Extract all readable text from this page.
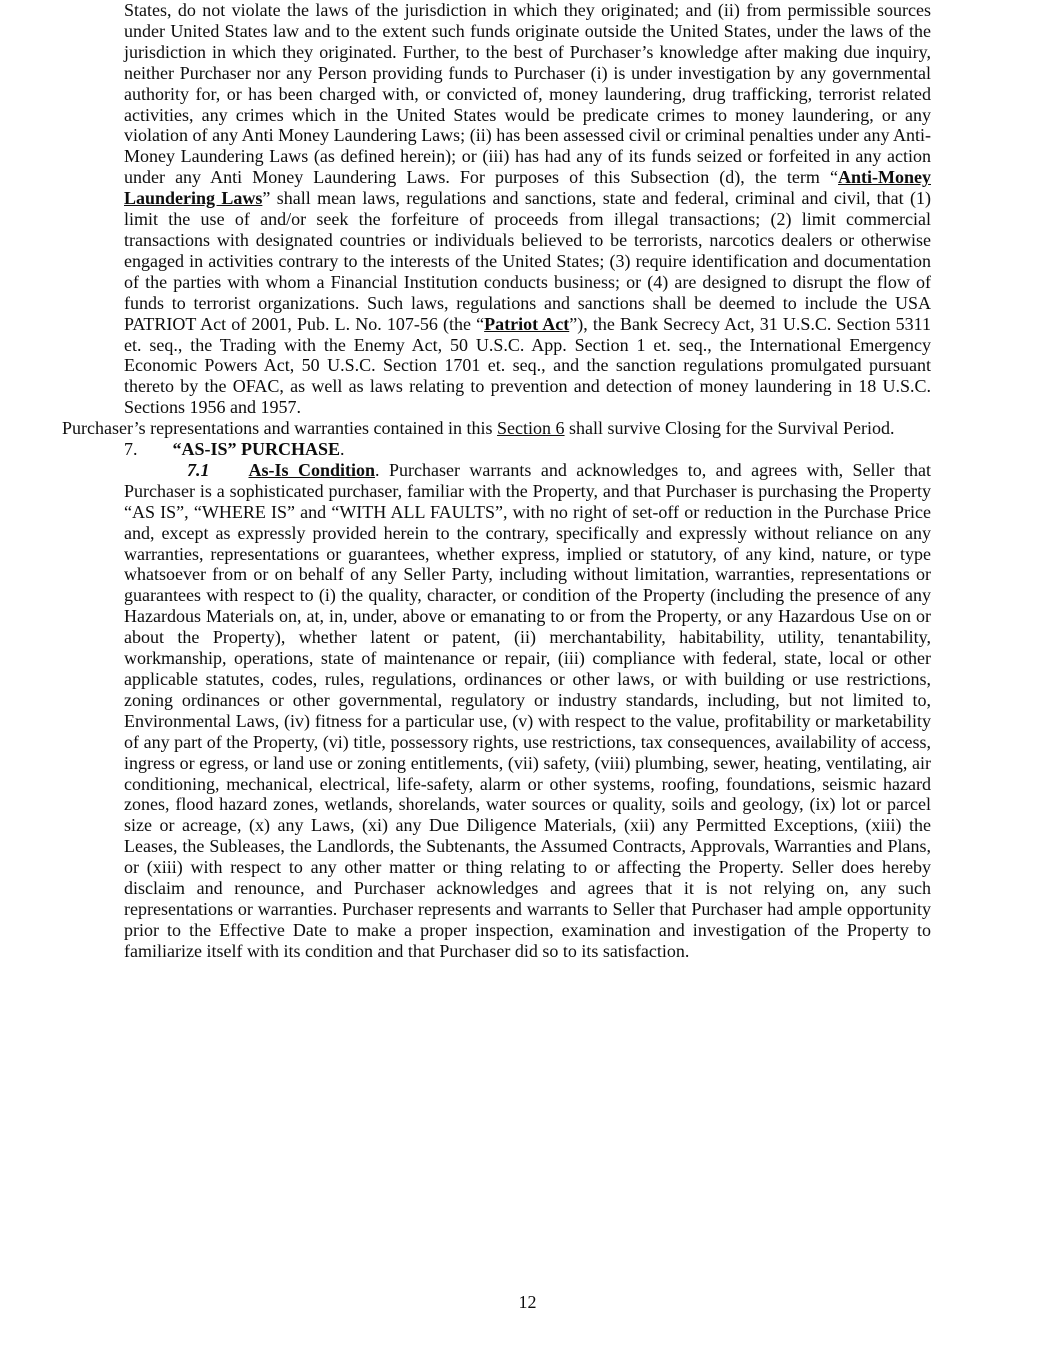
States, do not violate the laws of the jurisdiction in which they originated; and (ii) from permissible sources under United States law and to the extent such funds originate outside the United States, under the laws of the jurisdiction in which they originated. Further, to the best of Purchaser’s knowledge after making due inquiry, neither Purchaser nor any Person providing funds to Purchaser (i) is under investigation by any governmental authority for, or has been charged with, or convicted of, money laundering, drug trafficking, terrorist related activities, any crimes which in the United States would be predicate crimes to money laundering, or any violation of any Anti Money Laundering Laws; (ii) has been assessed civil or criminal penalties under any Anti-Money Laundering Laws (as defined herein); or (iii) has had any of its funds seized or forfeited in any action under any Anti Money Laundering Laws. For purposes of this Subsection (d), the term “Anti-Money Laundering Laws” shall mean laws, regulations and sanctions, state and federal, criminal and civil, that (1) limit the use of and/or seek the forfeiture of proceeds from illegal transactions; (2) limit commercial transactions with designated countries or individuals believed to be terrorists, narcotics dealers or otherwise engaged in activities contrary to the interests of the United States; (3) require identification and documentation of the parties with whom a Financial Institution conducts business; or (4) are designed to disrupt the flow of funds to terrorist organizations. Such laws, regulations and sanctions shall be deemed to include the USA PATRIOT Act of 2001, Pub. L. No. 107-56 (the “Patriot Act”), the Bank Secrecy Act, 31 U.S.C. Section 5311 et. seq., the Trading with the Enemy Act, 50 U.S.C. App. Section 1 et. seq., the International Emergency Economic Powers Act, 50 U.S.C. Section 1701 et. seq., and the sanction regulations promulgated pursuant thereto by the OFAC, as well as laws relating to prevention and detection of money laundering in 18 U.S.C. Sections 1956 and 1957.

Purchaser’s representations and warranties contained in this Section 6 shall survive Closing for the Survival Period.

7. “AS-IS” PURCHASE.

7.1 As-Is Condition. Purchaser warrants and acknowledges to, and agrees with, Seller that Purchaser is a sophisticated purchaser, familiar with the Property, and that Purchaser is purchasing the Property “AS IS”, “WHERE IS” and “WITH ALL FAULTS”, with no right of set-off or reduction in the Purchase Price and, except as expressly provided herein to the contrary, specifically and expressly without reliance on any warranties, representations or guarantees, whether express, implied or statutory, of any kind, nature, or type whatsoever from or on behalf of any Seller Party, including without limitation, warranties, representations or guarantees with respect to (i) the quality, character, or condition of the Property (including the presence of any Hazardous Materials on, at, in, under, above or emanating to or from the Property, or any Hazardous Use on or about the Property), whether latent or patent, (ii) merchantability, habitability, utility, tenantability, workmanship, operations, state of maintenance or repair, (iii) compliance with federal, state, local or other applicable statutes, codes, rules, regulations, ordinances or other laws, or with building or use restrictions, zoning ordinances or other governmental, regulatory or industry standards, including, but not limited to, Environmental Laws, (iv) fitness for a particular use, (v) with respect to the value, profitability or marketability of any part of the Property, (vi) title, possessory rights, use restrictions, tax consequences, availability of access, ingress or egress, or land use or zoning entitlements, (vii) safety, (viii) plumbing, sewer, heating, ventilating, air conditioning, mechanical, electrical, life-safety, alarm or other systems, roofing, foundations, seismic hazard zones, flood hazard zones, wetlands, shorelands, water sources or quality, soils and geology, (ix) lot or parcel size or acreage, (x) any Laws, (xi) any Due Diligence Materials, (xii) any Permitted Exceptions, (xiii) the Leases, the Subleases, the Landlords, the Subtenants, the Assumed Contracts, Approvals, Warranties and Plans, or (xiii) with respect to any other matter or thing relating to or affecting the Property. Seller does hereby disclaim and renounce, and Purchaser acknowledges and agrees that it is not relying on, any such representations or warranties. Purchaser represents and warrants to Seller that Purchaser had ample opportunity prior to the Effective Date to make a proper inspection, examination and investigation of the Property to familiarize itself with its condition and that Purchaser did so to its satisfaction.

12
